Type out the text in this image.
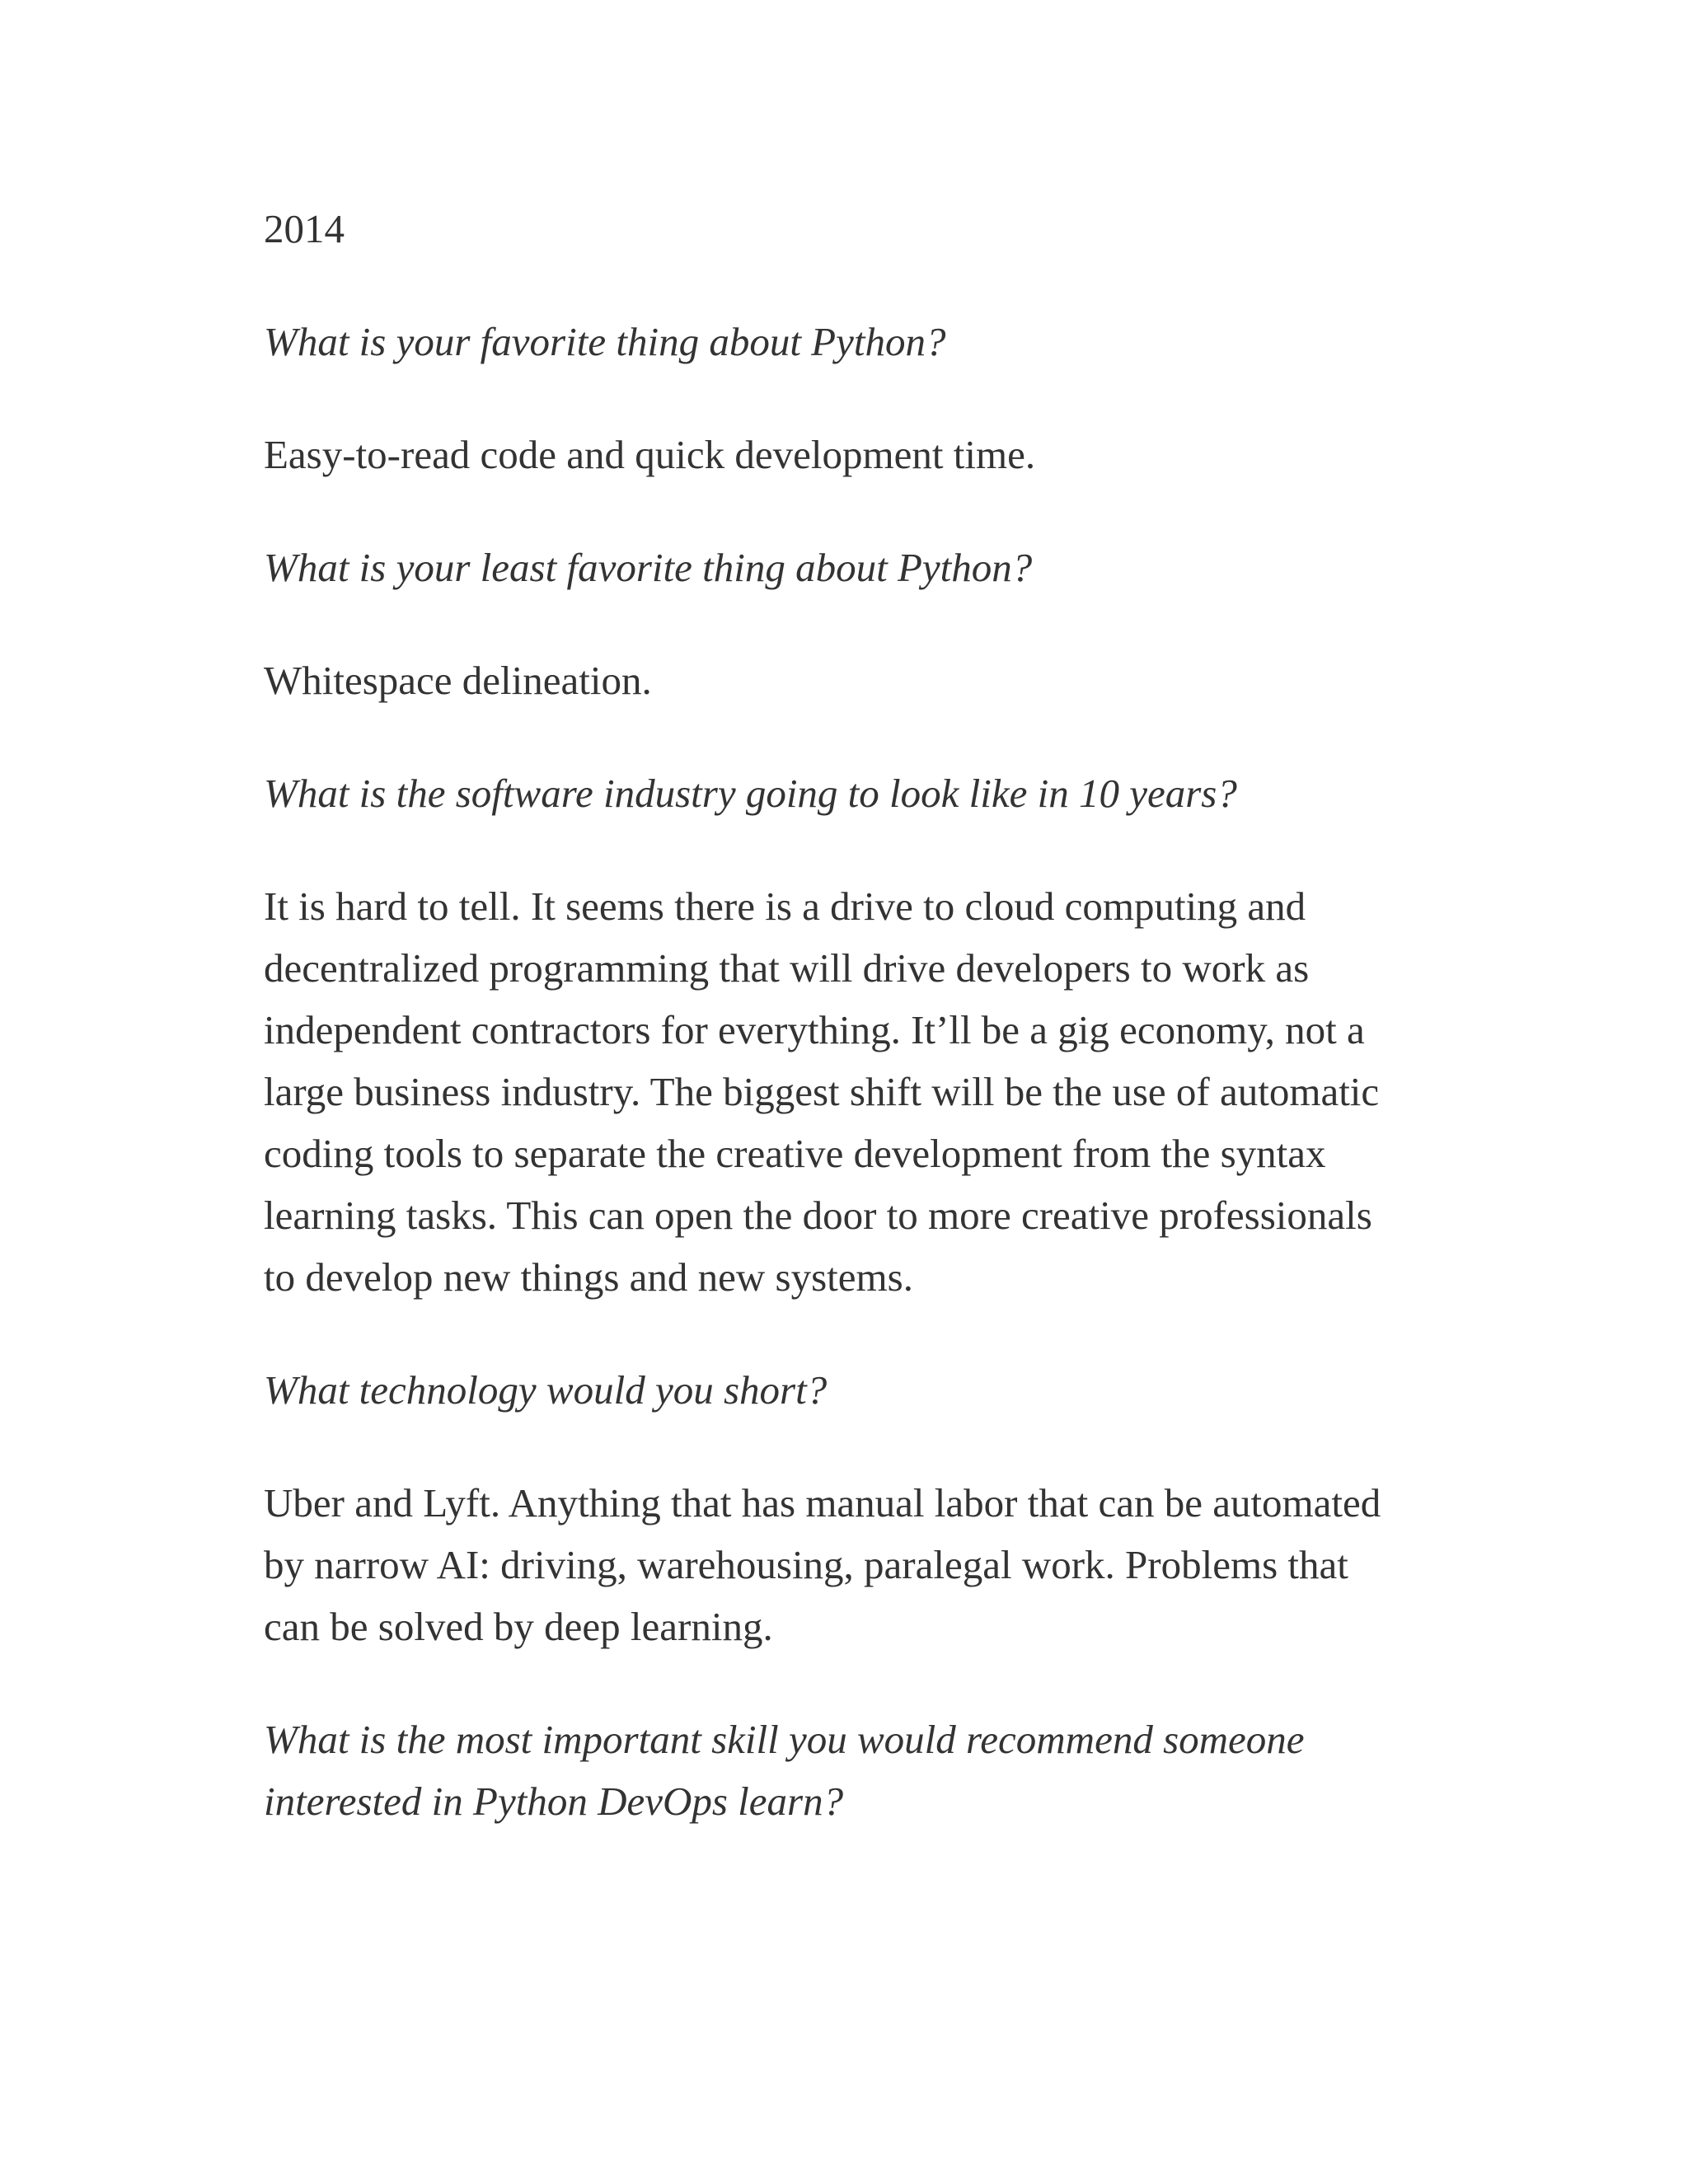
2014

What is your favorite thing about Python?

Easy-to-read code and quick development time.

What is your least favorite thing about Python?

Whitespace delineation.

What is the software industry going to look like in 10 years?

It is hard to tell. It seems there is a drive to cloud computing and
decentralized programming that will drive developers to work as
independent contractors for everything. It’ll be a gig economy, not a
large business industry. The biggest shift will be the use of automatic
coding tools to separate the creative development from the syntax
learning tasks. This can open the door to more creative professionals
to develop new things and new systems.

What technology would you short?

Uber and Lyft. Anything that has manual labor that can be automated
by narrow AI: driving, warehousing, paralegal work. Problems that
can be solved by deep learning.

What is the most important skill you would recommend someone
interested in Python DevOps learn?
